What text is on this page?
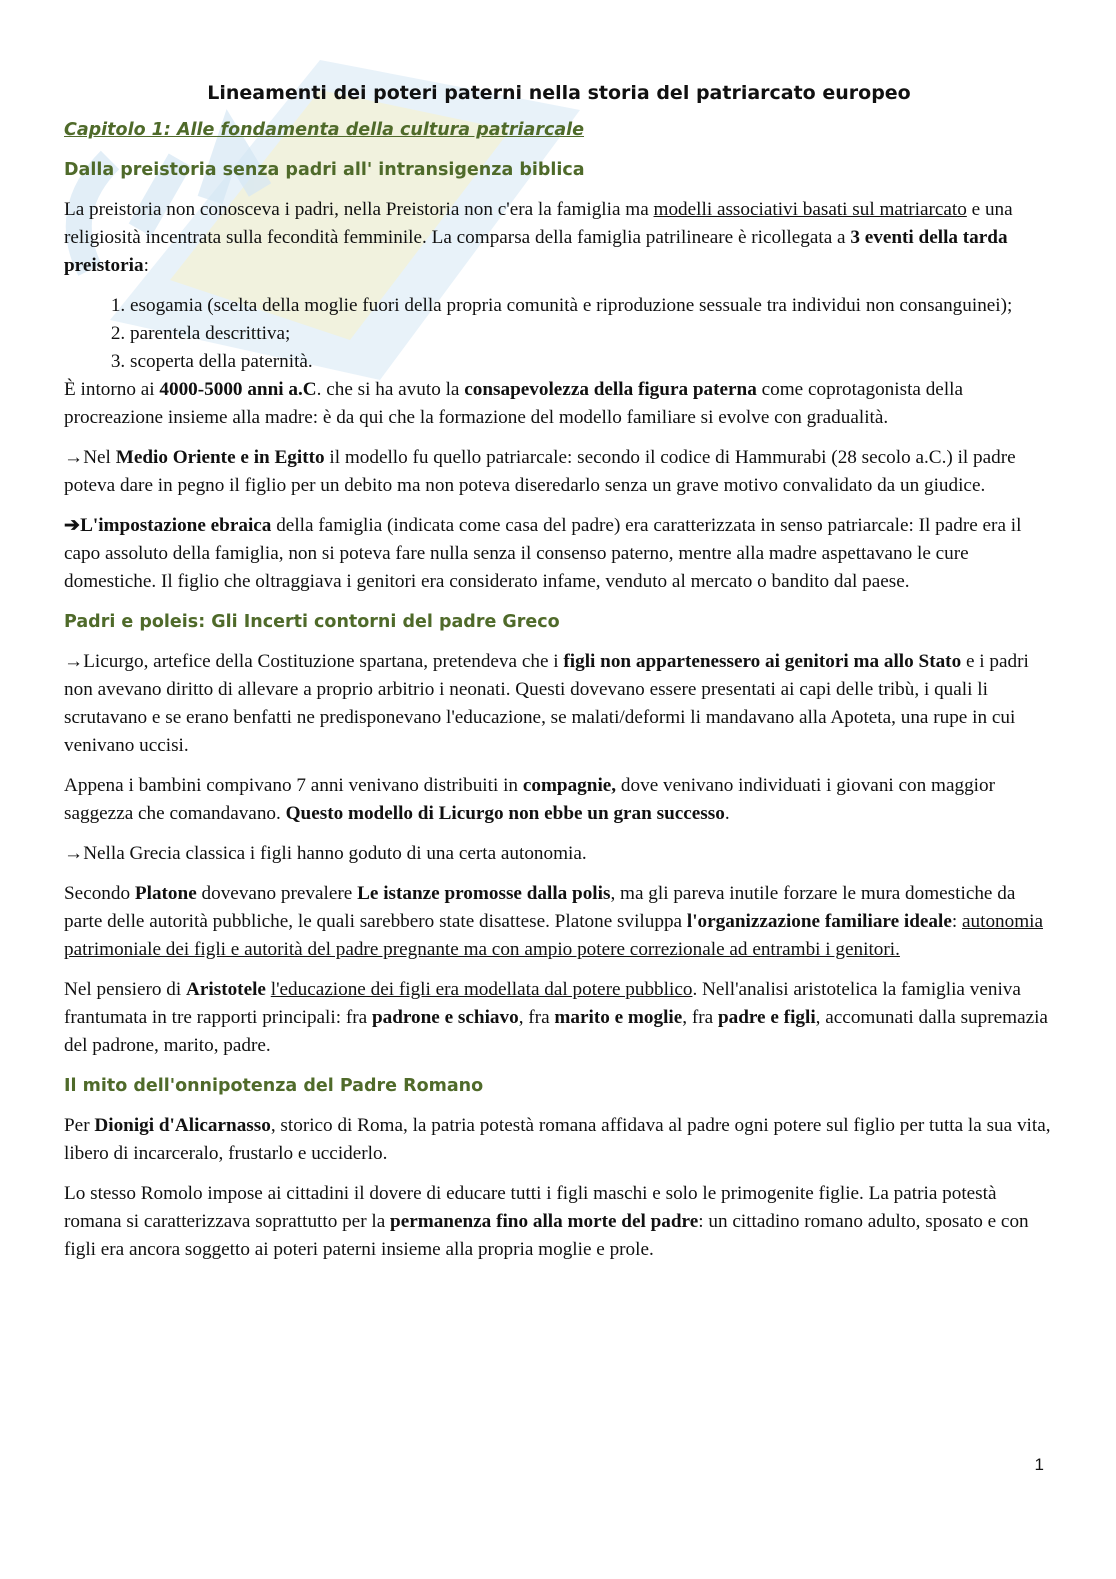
Lineamenti dei poteri paterni nella storia del patriarcato europeo
Capitolo 1: Alle fondamenta della cultura patriarcale
Dalla preistoria senza padri all' intransigenza biblica

La preistoria non conosceva i padri, nella Preistoria non c'era la famiglia ma modelli associativi basati sul matriarcato e una religiosità incentrata sulla fecondità femminile. La comparsa della famiglia patrilineare è ricollegata a 3 eventi della tarda preistoria:

1. esogamia (scelta della moglie fuori della propria comunità e riproduzione sessuale tra individui non consanguinei);
2. parentela descrittiva;
3. scoperta della paternità.

È intorno ai 4000-5000 anni a.C. che si ha avuto la consapevolezza della figura paterna come coprotagonista della procreazione insieme alla madre: è da qui che la formazione del modello familiare si evolve con gradualità.

→Nel Medio Oriente e in Egitto il modello fu quello patriarcale: secondo il codice di Hammurabi (28 secolo a.C.) il padre poteva dare in pegno il figlio per un debito ma non poteva diseredarlo senza un grave motivo convalidato da un giudice.

➔L'impostazione ebraica della famiglia (indicata come casa del padre) era caratterizzata in senso patriarcale: Il padre era il capo assoluto della famiglia, non si poteva fare nulla senza il consenso paterno, mentre alla madre aspettavano le cure domestiche. Il figlio che oltraggiava i genitori era considerato infame, venduto al mercato o bandito dal paese.

Padri e poleis: Gli Incerti contorni del padre Greco

→Licurgo, artefice della Costituzione spartana, pretendeva che i figli non appartenessero ai genitori ma allo Stato e i padri non avevano diritto di allevare a proprio arbitrio i neonati. Questi dovevano essere presentati ai capi delle tribù, i quali li scrutavano e se erano benfatti ne predisponevano l'educazione, se malati/deformi li mandavano alla Apoteta, una rupe in cui venivano uccisi.

Appena i bambini compivano 7 anni venivano distribuiti in compagnie, dove venivano individuati i giovani con maggior saggezza che comandavano. Questo modello di Licurgo non ebbe un gran successo.

→Nella Grecia classica i figli hanno goduto di una certa autonomia.

Secondo Platone dovevano prevalere Le istanze promosse dalla polis, ma gli pareva inutile forzare le mura domestiche da parte delle autorità pubbliche, le quali sarebbero state disattese. Platone sviluppa l'organizzazione familiare ideale: autonomia patrimoniale dei figli e autorità del padre pregnante ma con ampio potere correzionale ad entrambi i genitori.

Nel pensiero di Aristotele l'educazione dei figli era modellata dal potere pubblico. Nell'analisi aristotelica la famiglia veniva frantumata in tre rapporti principali: fra padrone e schiavo, fra marito e moglie, fra padre e figli, accomunati dalla supremazia del padrone, marito, padre.

Il mito dell'onnipotenza del Padre Romano

Per Dionigi d'Alicarnasso, storico di Roma, la patria potestà romana affidava al padre ogni potere sul figlio per tutta la sua vita, libero di incarceralo, frustarlo e ucciderlo.

Lo stesso Romolo impose ai cittadini il dovere di educare tutti i figli maschi e solo le primogenite figlie. La patria potestà romana si caratterizzava soprattutto per la permanenza fino alla morte del padre: un cittadino romano adulto, sposato e con figli era ancora soggetto ai poteri paterni insieme alla propria moglie e prole.

1
